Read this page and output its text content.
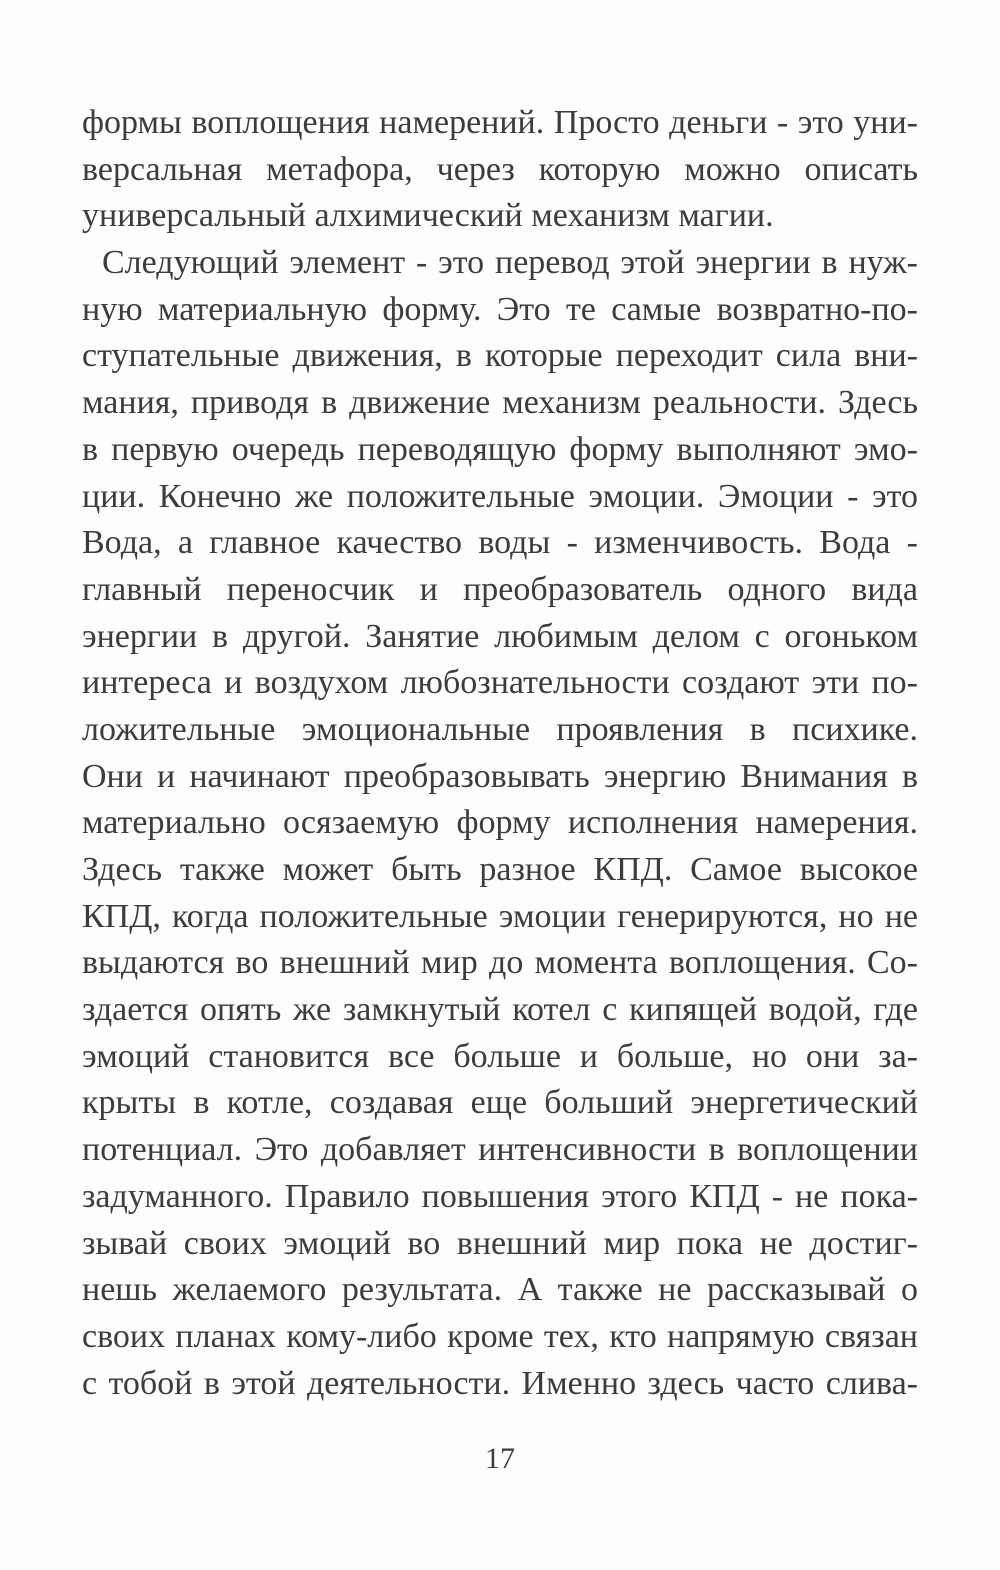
формы воплощения намерений. Просто деньги - это уни-
версальная метафора, через которую можно описать
универсальный алхимический механизм магии.
Следующий элемент - это перевод этой энергии в нуж-
ную материальную форму. Это те самые возвратно-по-
ступательные движения, в которые переходит сила вни-
мания, приводя в движение механизм реальности. Здесь
в первую очередь переводящую форму выполняют эмо-
ции. Конечно же положительные эмоции. Эмоции - это
Вода, а главное качество воды - изменчивость. Вода -
главный переносчик и преобразователь одного вида
энергии в другой. Занятие любимым делом с огоньком
интереса и воздухом любознательности создают эти по-
ложительные эмоциональные проявления в психике.
Они и начинают преобразовывать энергию Внимания в
материально осязаемую форму исполнения намерения.
Здесь также может быть разное КПД. Самое высокое
КПД, когда положительные эмоции генерируются, но не
выдаются во внешний мир до момента воплощения. Со-
здается опять же замкнутый котел с кипящей водой, где
эмоций становится все больше и больше, но они за-
крыты в котле, создавая еще больший энергетический
потенциал. Это добавляет интенсивности в воплощении
задуманного. Правило повышения этого КПД - не пока-
зывай своих эмоций во внешний мир пока не достиг-
нешь желаемого результата. А также не рассказывай о
своих планах кому-либо кроме тех, кто напрямую связан
с тобой в этой деятельности. Именно здесь часто слива-
17
